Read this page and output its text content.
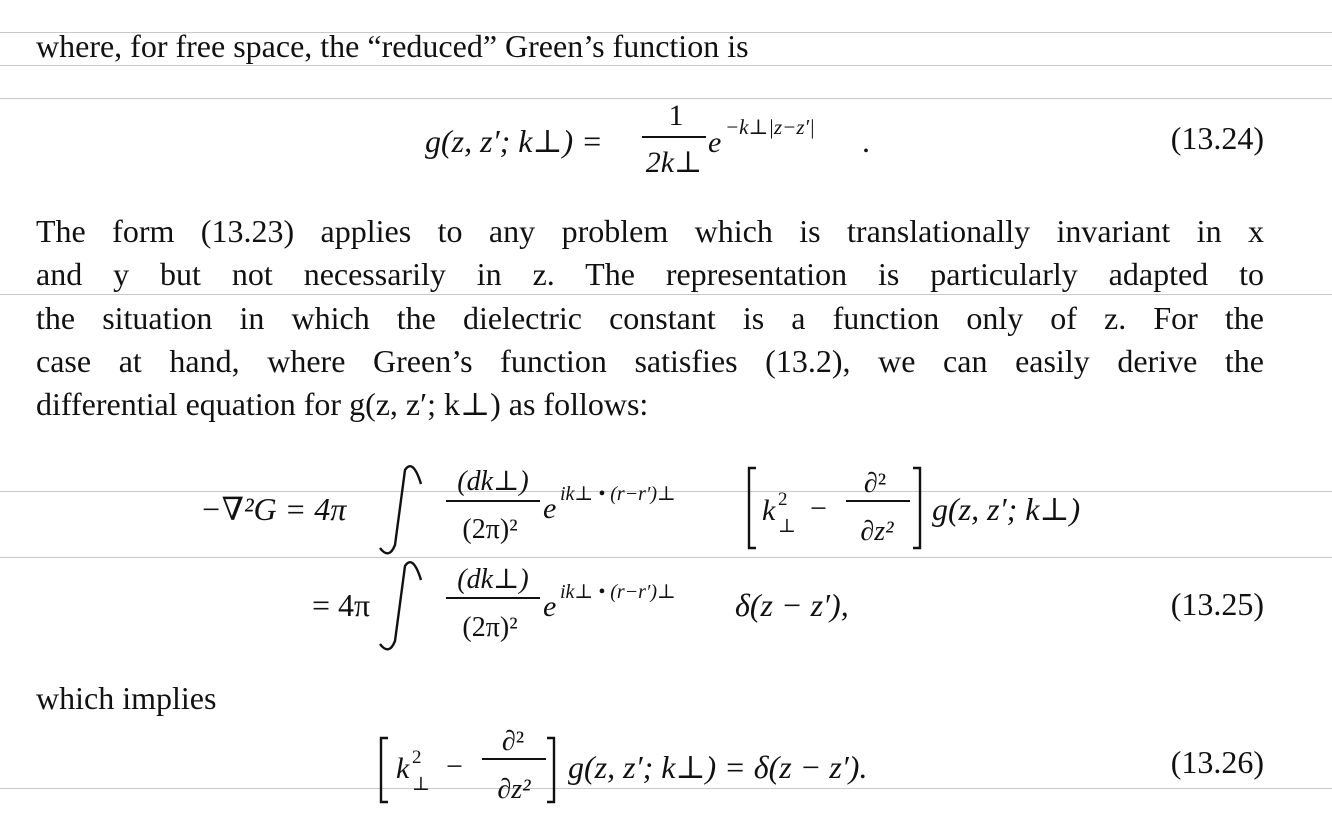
where, for free space, the “reduced” Green’s function is
The form (13.23) applies to any problem which is translationally invariant in x
and y but not necessarily in z. The representation is particularly adapted to
the situation in which the dielectric constant is a function only of z. For the
case at hand, where Green’s function satisfies (13.2), we can easily derive the
differential equation for g(z, z′; k⊥) as follows:
which implies
g(z, z′; k⊥) =
1
2k⊥
e −k⊥|z−z′| .
−∇²G = 4π
(dk⊥)
(2π)²
e ik⊥ • (r−r′)⊥	k ⊥
2 −
∂²
∂z²
g(z, z′; k⊥)
= 4π
(dk⊥)
(2π)²
e ik⊥ • (r−r′)⊥ δ(z − z′),
k ⊥
2 −
∂²
∂z²
g(z, z′; k⊥) = δ(z − z′).
(13.24)
(13.25)
(13.26)
